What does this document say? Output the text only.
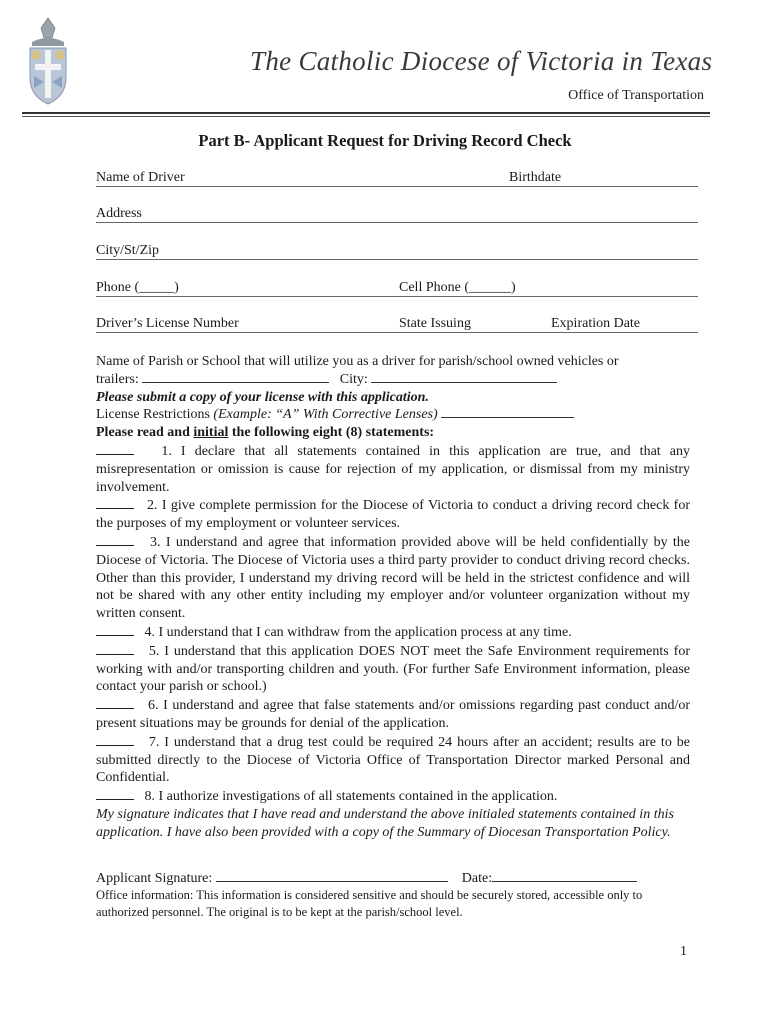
The Catholic Diocese of Victoria in Texas
Office of Transportation
Part B- Applicant Request for Driving Record Check
Name of Driver	Birthdate
Address
City/St/Zip
Phone (_____)	Cell Phone (______)
Driver’s License Number	State Issuing	Expiration Date
Name of Parish or School that will utilize you as a driver for parish/school owned vehicles or
trailers:	City:
Please submit a copy of your license with this application.
License Restrictions (Example: “A” With Corrective Lenses)
Please read and initial the following eight (8) statements:
1. I declare that all statements contained in this application are true, and that any misrepresentation or omission is cause for rejection of my application, or dismissal from my ministry involvement.
2. I give complete permission for the Diocese of Victoria to conduct a driving record check for the purposes of my employment or volunteer services.
3. I understand and agree that information provided above will be held confidentially by the Diocese of Victoria. The Diocese of Victoria uses a third party provider to conduct driving record checks. Other than this provider, I understand my driving record will be held in the strictest confidence and will not be shared with any other entity including my employer and/or volunteer organization without my written consent.
4. I understand that I can withdraw from the application process at any time.
5. I understand that this application DOES NOT meet the Safe Environment requirements for working with and/or transporting children and youth. (For further Safe Environment information, please contact your parish or school.)
6. I understand and agree that false statements and/or omissions regarding past conduct and/or present situations may be grounds for denial of the application.
7. I understand that a drug test could be required 24 hours after an accident; results are to be submitted directly to the Diocese of Victoria Office of Transportation Director marked Personal and Confidential.
8. I authorize investigations of all statements contained in the application.
My signature indicates that I have read and understand the above initialed statements contained in this application. I have also been provided with a copy of the Summary of Diocesan Transportation Policy.
Applicant Signature:	Date:
Office information: This information is considered sensitive and should be securely stored, accessible only to authorized personnel. The original is to be kept at the parish/school level.
1
